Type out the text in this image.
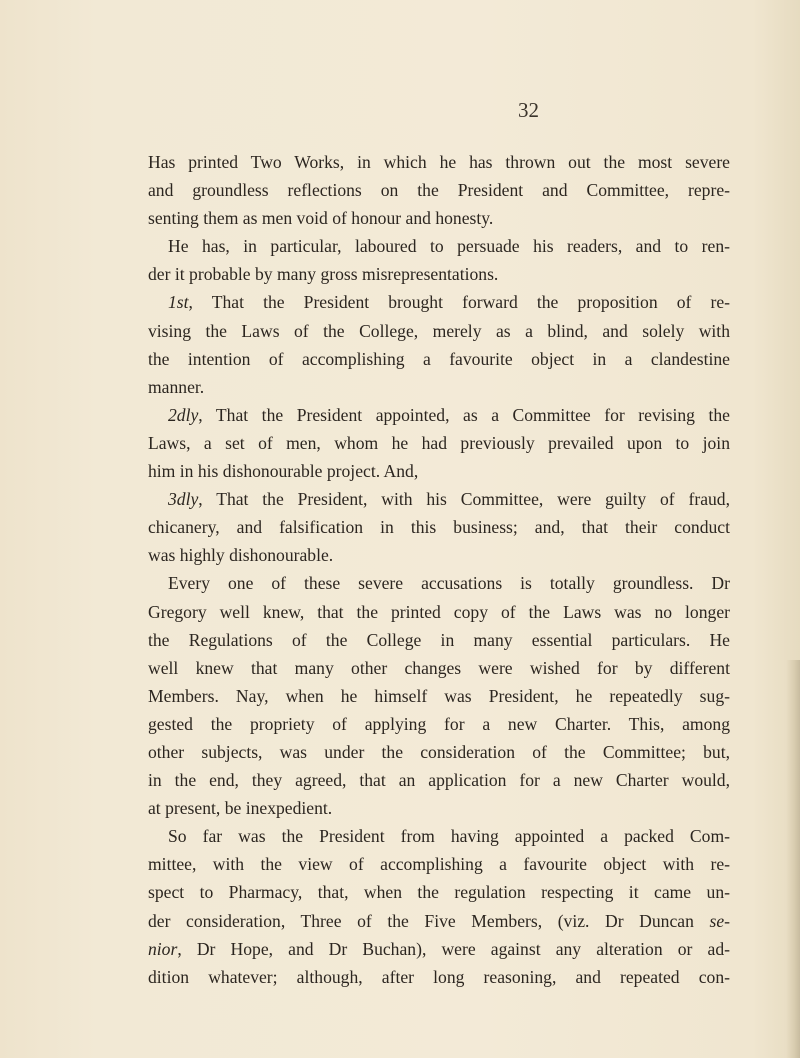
32
Has printed Two Works, in which he has thrown out the most severe
and groundless reflections on the President and Committee, repre-
senting them as men void of honour and honesty.
He has, in particular, laboured to persuade his readers, and to ren-
der it probable by many gross misrepresentations.
1st, That the President brought forward the proposition of re-
vising the Laws of the College, merely as a blind, and solely with
the intention of accomplishing a favourite object in a clandestine
manner.
2dly, That the President appointed, as a Committee for revising the
Laws, a set of men, whom he had previously prevailed upon to join
him in his dishonourable project. And,
3dly, That the President, with his Committee, were guilty of fraud,
chicanery, and falsification in this business; and, that their conduct
was highly dishonourable.
Every one of these severe accusations is totally groundless. Dr
Gregory well knew, that the printed copy of the Laws was no longer
the Regulations of the College in many essential particulars. He
well knew that many other changes were wished for by different
Members. Nay, when he himself was President, he repeatedly sug-
gested the propriety of applying for a new Charter. This, among
other subjects, was under the consideration of the Committee; but,
in the end, they agreed, that an application for a new Charter would,
at present, be inexpedient.
So far was the President from having appointed a packed Com-
mittee, with the view of accomplishing a favourite object with re-
spect to Pharmacy, that, when the regulation respecting it came un-
der consideration, Three of the Five Members, (viz. Dr Duncan se-
nior, Dr Hope, and Dr Buchan), were against any alteration or ad-
dition whatever; although, after long reasoning, and repeated con-
